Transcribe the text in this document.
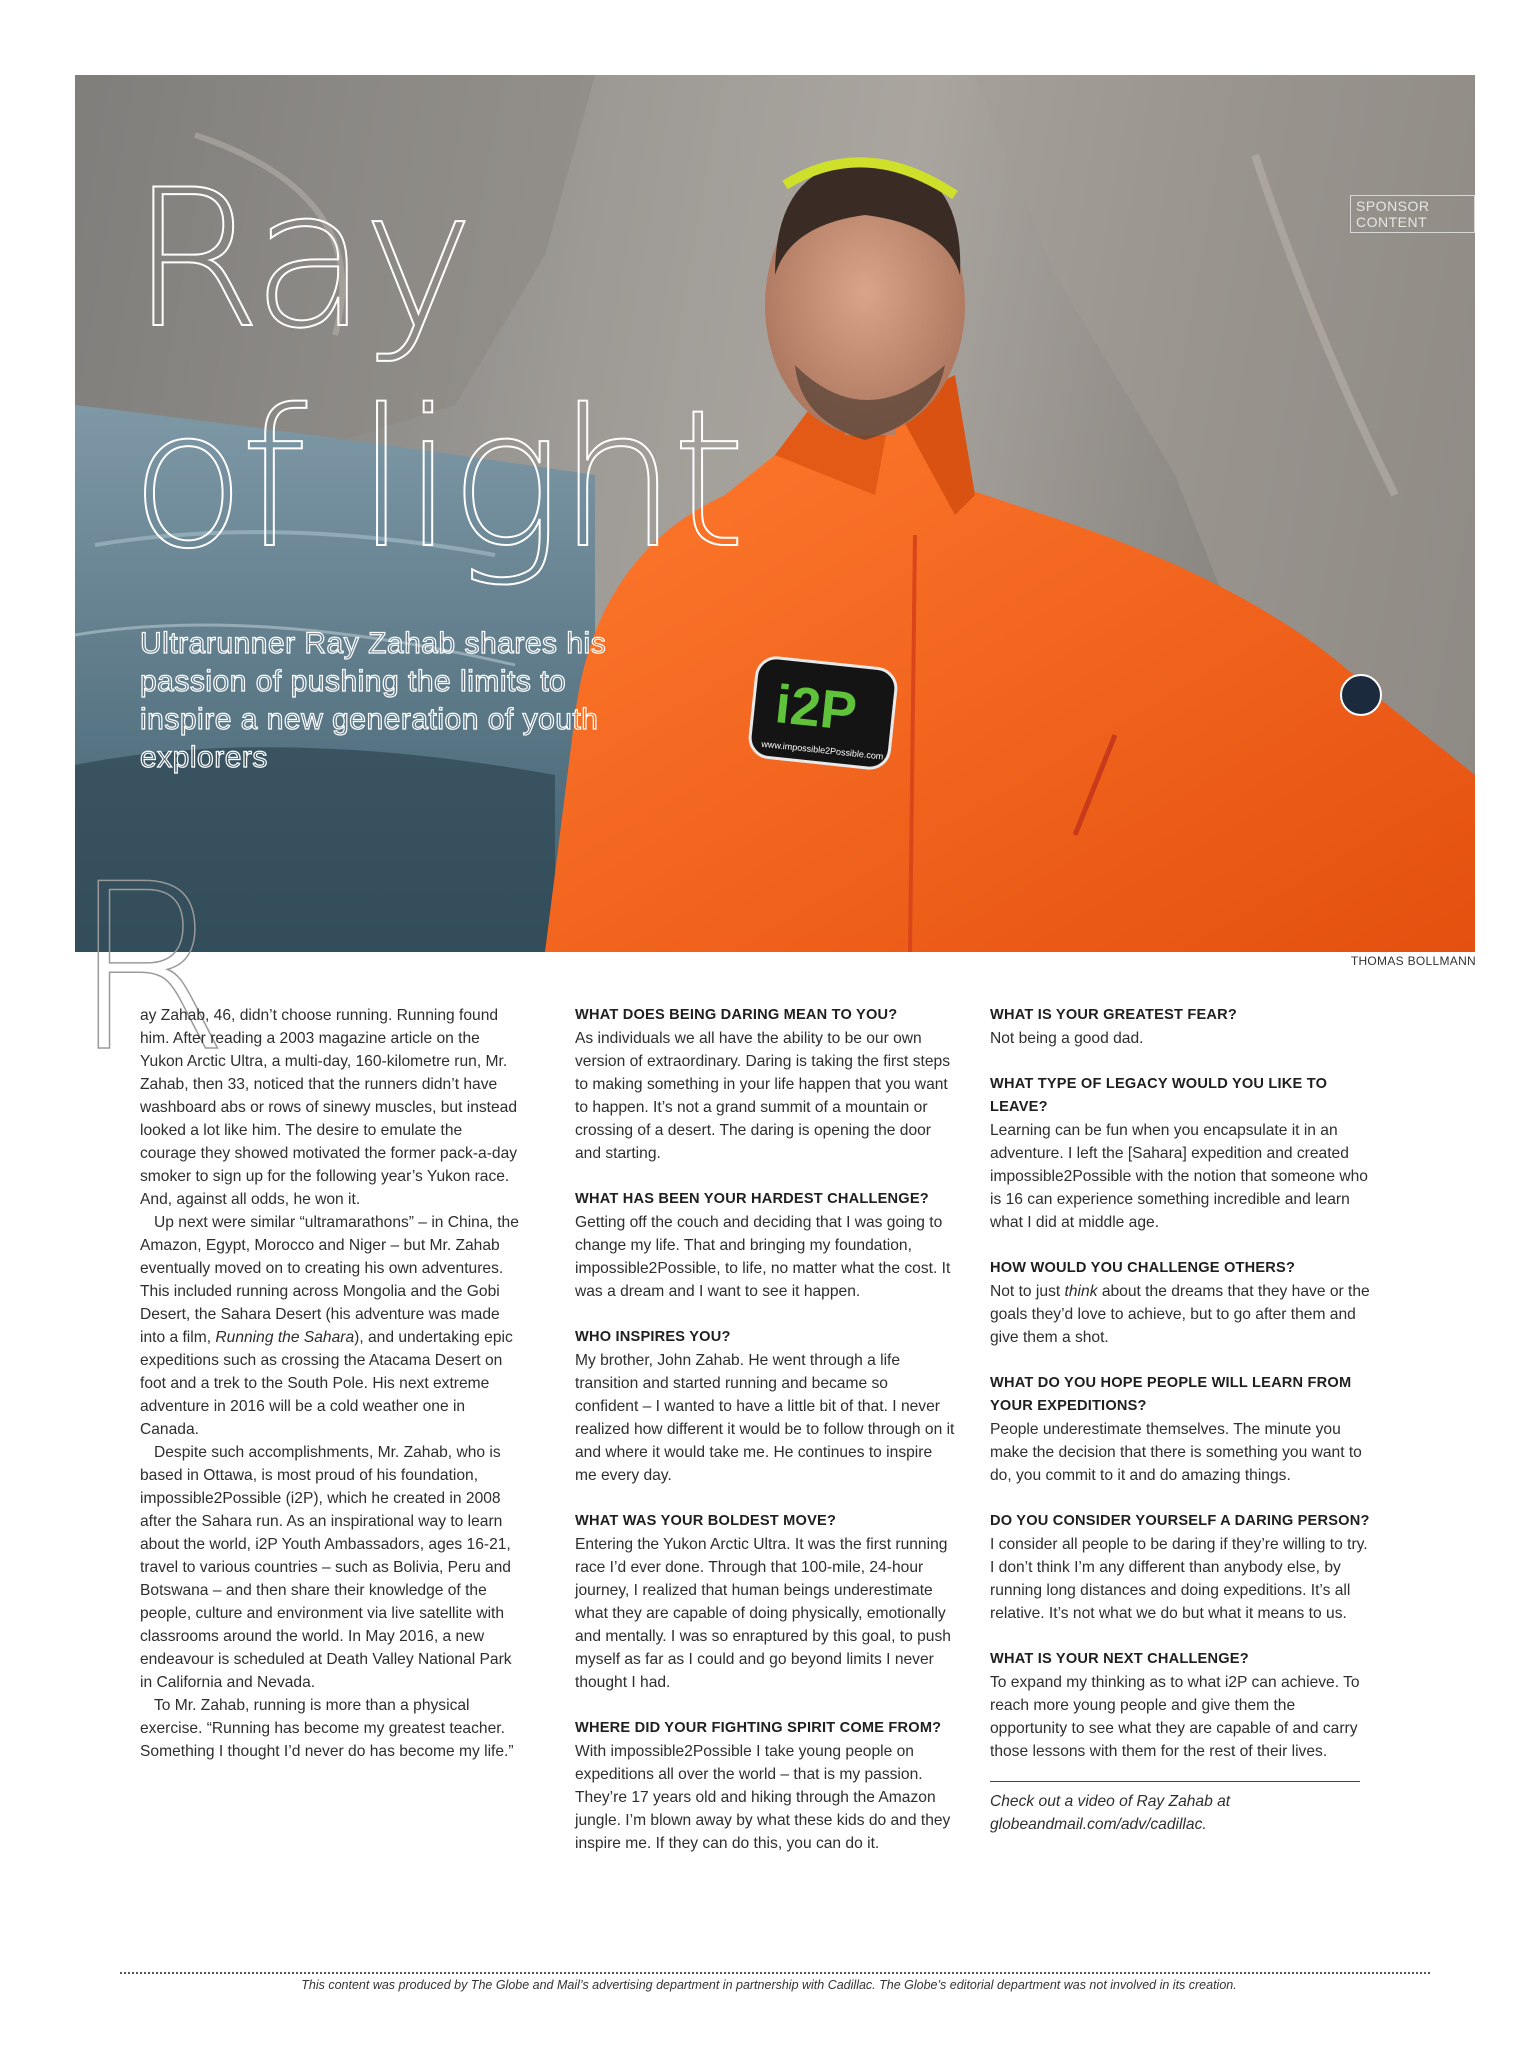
i2P
www.impossible2Possible.com
SPONSOR CONTENT
Ray
of light
Ultrarunner Ray Zahab shares his passion of pushing the limits to inspire a new generation of youth explorers
THOMAS BOLLMANN
R

ay Zahab, 46, didn’t choose running. Running found him. After reading a 2003 magazine article on the Yukon Arctic Ultra, a multi-day, 160-kilometre run, Mr. Zahab, then 33, noticed that the runners didn’t have washboard abs or rows of sinewy muscles, but instead looked a lot like him. The desire to emulate the courage they showed motivated the former pack-a-day smoker to sign up for the following year’s Yukon race. And, against all odds, he won it.

Up next were similar “ultramarathons” – in China, the Amazon, Egypt, Morocco and Niger – but Mr. Zahab eventually moved on to creating his own adventures. This included running across Mongolia and the Gobi Desert, the Sahara Desert (his adventure was made into a film, Running the Sahara), and undertaking epic expeditions such as crossing the Atacama Desert on foot and a trek to the South Pole. His next extreme adventure in 2016 will be a cold weather one in Canada.

Despite such accomplishments, Mr. Zahab, who is based in Ottawa, is most proud of his foundation, impossible2Possible (i2P), which he created in 2008 after the Sahara run. As an inspirational way to learn about the world, i2P Youth Ambassadors, ages 16-21, travel to various countries – such as Bolivia, Peru and Botswana – and then share their knowledge of the people, culture and environment via live satellite with classrooms around the world. In May 2016, a new endeavour is scheduled at Death Valley National Park in California and Nevada.

To Mr. Zahab, running is more than a physical exercise. “Running has become my greatest teacher. Something I thought I’d never do has become my life.”

WHAT DOES BEING DARING MEAN TO YOU?

As individuals we all have the ability to be our own version of extraordinary. Daring is taking the first steps to making something in your life happen that you want to happen. It’s not a grand summit of a mountain or crossing of a desert. The daring is opening the door and starting.

WHAT HAS BEEN YOUR HARDEST CHALLENGE?

Getting off the couch and deciding that I was going to change my life. That and bringing my foundation, impossible2Possible, to life, no matter what the cost. It was a dream and I want to see it happen.

WHO INSPIRES YOU?

My brother, John Zahab. He went through a life transition and started running and became so confident – I wanted to have a little bit of that. I never realized how different it would be to follow through on it and where it would take me. He continues to inspire me every day.

WHAT WAS YOUR BOLDEST MOVE?

Entering the Yukon Arctic Ultra. It was the first running race I’d ever done. Through that 100-mile, 24-hour journey, I realized that human beings underestimate what they are capable of doing physically, emotionally and mentally. I was so enraptured by this goal, to push myself as far as I could and go beyond limits I never thought I had.

WHERE DID YOUR FIGHTING SPIRIT COME FROM?

With impossible2Possible I take young people on expeditions all over the world – that is my passion. They’re 17 years old and hiking through the Amazon jungle. I’m blown away by what these kids do and they inspire me. If they can do this, you can do it.

WHAT IS YOUR GREATEST FEAR?

Not being a good dad.

WHAT TYPE OF LEGACY WOULD YOU LIKE TO LEAVE?

Learning can be fun when you encapsulate it in an adventure. I left the [Sahara] expedition and created impossible2Possible with the notion that someone who is 16 can experience something incredible and learn what I did at middle age.

HOW WOULD YOU CHALLENGE OTHERS?

Not to just think about the dreams that they have or the goals they’d love to achieve, but to go after them and give them a shot.

WHAT DO YOU HOPE PEOPLE WILL LEARN FROM YOUR EXPEDITIONS?

People underestimate themselves. The minute you make the decision that there is something you want to do, you commit to it and do amazing things.

DO YOU CONSIDER YOURSELF A DARING PERSON?

I consider all people to be daring if they’re willing to try. I don’t think I’m any different than anybody else, by running long distances and doing expeditions. It’s all relative. It’s not what we do but what it means to us.

WHAT IS YOUR NEXT CHALLENGE?

To expand my thinking as to what i2P can achieve. To reach more young people and give them the opportunity to see what they are capable of and carry those lessons with them for the rest of their lives.

Check out a video of Ray Zahab at globeandmail.com/adv/cadillac.

This content was produced by The Globe and Mail’s advertising department in partnership with Cadillac. The Globe’s editorial department was not involved in its creation.
